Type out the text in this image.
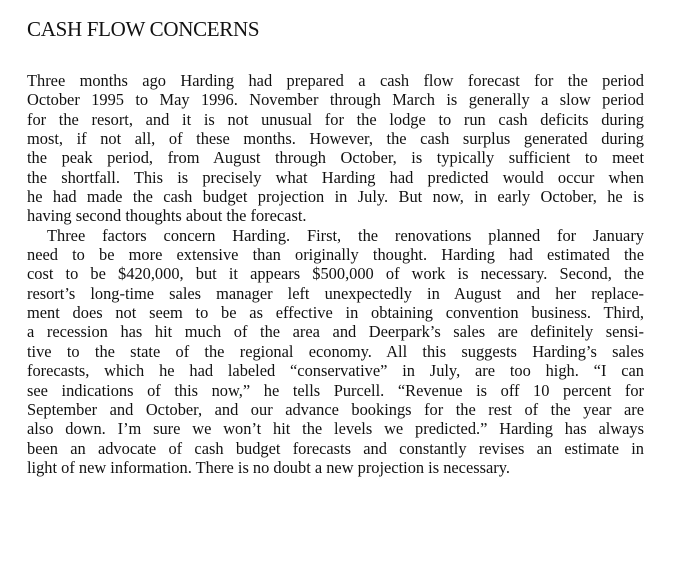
CASH FLOW CONCERNS
Three months ago Harding had prepared a cash flow forecast for the period
October 1995 to May 1996. November through March is generally a slow period
for the resort, and it is not unusual for the lodge to run cash deficits during
most, if not all, of these months. However, the cash surplus generated during
the peak period, from August through October, is typically sufficient to meet
the shortfall. This is precisely what Harding had predicted would occur when
he had made the cash budget projection in July. But now, in early October, he is
having second thoughts about the forecast.
Three factors concern Harding. First, the renovations planned for January
need to be more extensive than originally thought. Harding had estimated the
cost to be $420,000, but it appears $500,000 of work is necessary. Second, the
resort’s long-time sales manager left unexpectedly in August and her replace-
ment does not seem to be as effective in obtaining convention business. Third,
a recession has hit much of the area and Deerpark’s sales are definitely sensi-
tive to the state of the regional economy. All this suggests Harding’s sales
forecasts, which he had labeled “conservative” in July, are too high. “I can
see indications of this now,” he tells Purcell. “Revenue is off 10 percent for
September and October, and our advance bookings for the rest of the year are
also down. I’m sure we won’t hit the levels we predicted.” Harding has always
been an advocate of cash budget forecasts and constantly revises an estimate in
light of new information. There is no doubt a new projection is necessary.
